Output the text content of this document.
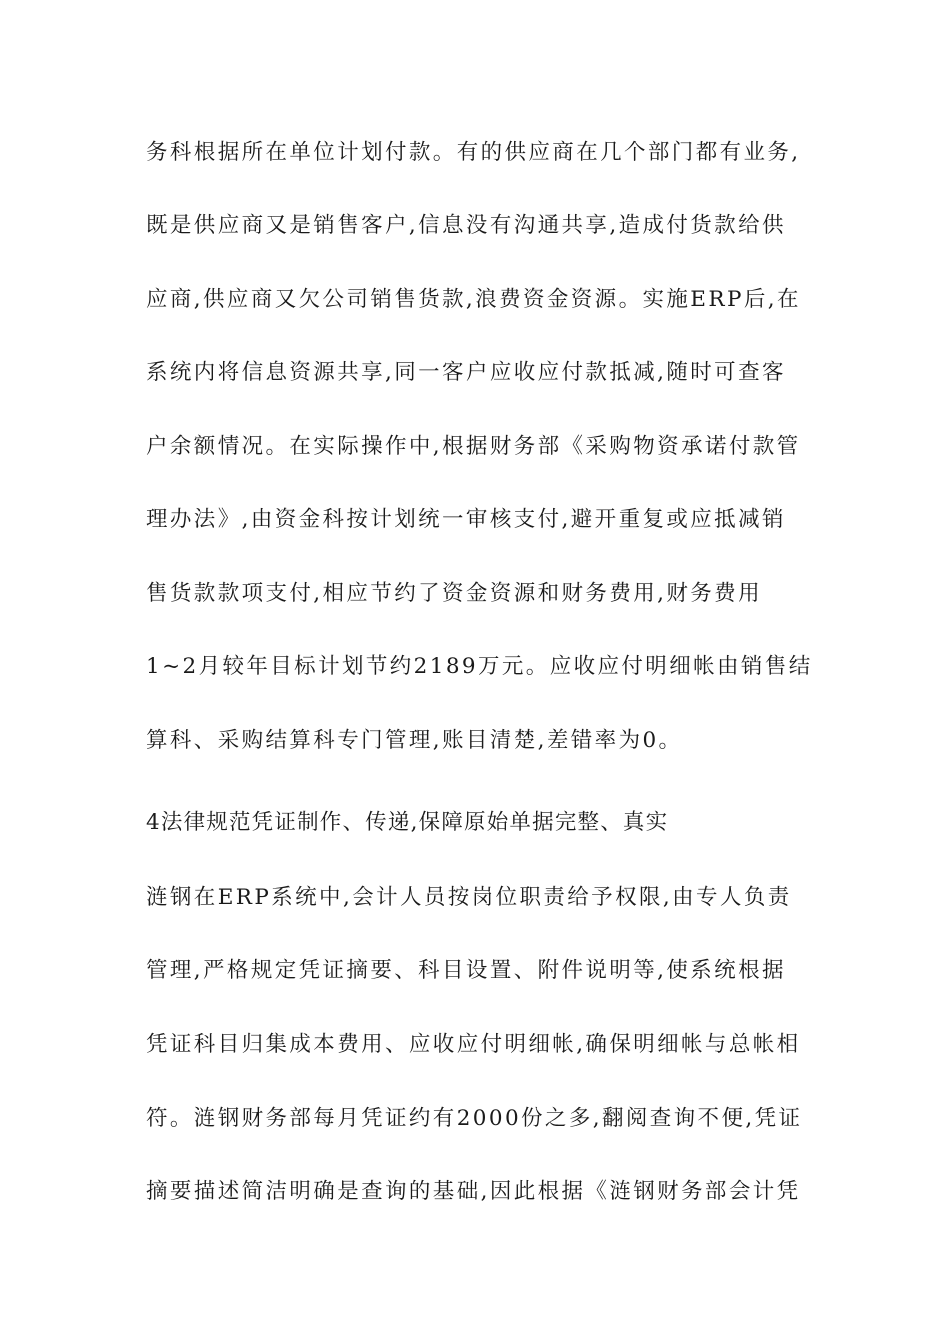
务科根据所在单位计划付款。有的供应商在几个部门都有业务,
既是供应商又是销售客户,信息没有沟通共享,造成付货款给供
应商,供应商又欠公司销售货款,浪费资金资源。实施ERP后,在
系统内将信息资源共享,同一客户应收应付款抵减,随时可查客
户余额情况。在实际操作中,根据财务部《采购物资承诺付款管
理办法》,由资金科按计划统一审核支付,避开重复或应抵减销
售货款款项支付,相应节约了资金资源和财务费用,财务费用
1~2月较年目标计划节约2189万元。应收应付明细帐由销售结
算科、采购结算科专门管理,账目清楚,差错率为0。
4法律规范凭证制作、传递,保障原始单据完整、真实
涟钢在ERP系统中,会计人员按岗位职责给予权限,由专人负责
管理,严格规定凭证摘要、科目设置、附件说明等,使系统根据
凭证科目归集成本费用、应收应付明细帐,确保明细帐与总帐相
符。涟钢财务部每月凭证约有2000份之多,翻阅查询不便,凭证
摘要描述简洁明确是查询的基础,因此根据《涟钢财务部会计凭
